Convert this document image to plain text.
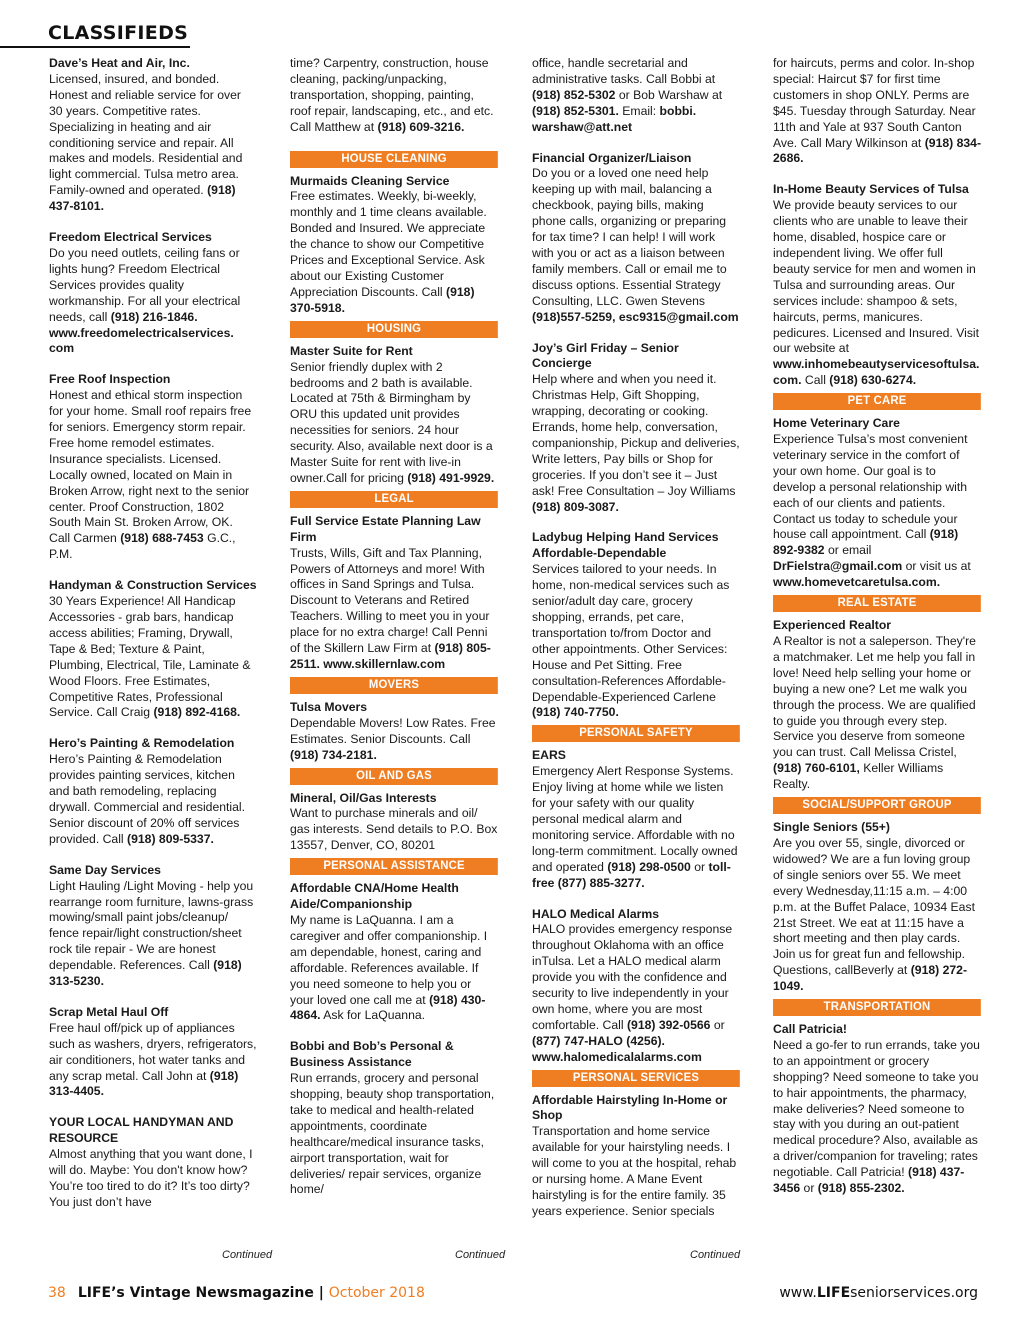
CLASSIFIEDS
Dave’s Heat and Air, Inc.
Licensed, insured, and bonded. Honest and reliable service for over 30 years. Competitive rates. Specializing in heating and air conditioning service and repair. All makes and models. Residential and light commercial. Tulsa metro area. Family-owned and operated. (918) 437-8101.
Freedom Electrical Services
Do you need outlets, ceiling fans or lights hung? Freedom Electrical Services provides quality workmanship. For all your electrical needs, call (918) 216-1846. www.freedomelectricalservices. com
Free Roof Inspection
Honest and ethical storm inspection for your home. Small roof repairs free for seniors. Emergency storm repair. Free home remodel estimates. Insurance specialists. Licensed. Locally owned, located on Main in Broken Arrow, right next to the senior center. Proof Construction, 1802 South Main St. Broken Arrow, OK. Call Carmen (918) 688-7453 G.C., P.M.
Handyman & Construction Services
30 Years Experience! All Handicap Accessories - grab bars, handicap access abilities; Framing, Drywall, Tape & Bed; Texture & Paint, Plumbing, Electrical, Tile, Laminate & Wood Floors. Free Estimates, Competitive Rates, Professional Service. Call Craig (918) 892-4168.
Hero’s Painting & Remodelation
Hero’s Painting & Remodelation provides painting services, kitchen and bath remodeling, replacing drywall. Commercial and residential. Senior discount of 20% off services provided. Call (918) 809-5337.
Same Day Services
Light Hauling /Light Moving - help you rearrange room furniture, lawns-grass mowing/small paint jobs/cleanup/ fence repair/light construction/sheet rock tile repair - We are honest dependable. References. Call (918) 313-5230.
Scrap Metal Haul Off
Free haul off/pick up of appliances such as washers, dryers, refrigerators, air conditioners, hot water tanks and any scrap metal. Call John at (918) 313-4405.
YOUR LOCAL HANDYMAN AND RESOURCE
Almost anything that you want done, I will do. Maybe: You don't know how? You’re too tired to do it? It’s too dirty? You just don’t have
time? Carpentry, construction, house cleaning, packing/unpacking, transportation, shopping, painting, roof repair, landscaping, etc., and etc. Call Matthew at (918) 609-3216.
HOUSE CLEANING
Murmaids Cleaning Service
Free estimates. Weekly, bi-weekly, monthly and 1 time cleans available. Bonded and Insured. We appreciate the chance to show our Competitive Prices and Exceptional Service. Ask about our Existing Customer Appreciation Discounts. Call (918) 370-5918.
HOUSING
Master Suite for Rent
Senior friendly duplex with 2 bedrooms and 2 bath is available. Located at 75th & Birmingham by ORU this updated unit provides necessities for seniors. 24 hour security. Also, available next door is a Master Suite for rent with live-in owner.Call for pricing (918) 491-9929.
LEGAL
Full Service Estate Planning Law Firm
Trusts, Wills, Gift and Tax Planning, Powers of Attorneys and more! With offices in Sand Springs and Tulsa. Discount to Veterans and Retired Teachers. Willing to meet you in your place for no extra charge! Call Penni of the Skillern Law Firm at (918) 805-2511. www.skillernlaw.com
MOVERS
Tulsa Movers
Dependable Movers! Low Rates. Free Estimates. Senior Discounts. Call (918) 734-2181.
OIL AND GAS
Mineral, Oil/Gas Interests
Want to purchase minerals and oil/ gas interests. Send details to P.O. Box 13557, Denver, CO, 80201
PERSONAL ASSISTANCE
Affordable CNA/Home Health Aide/Companionship
My name is LaQuanna. I am a caregiver and offer companionship. I am dependable, honest, caring and affordable. References available. If you need someone to help you or your loved one call me at (918) 430-4864. Ask for LaQuanna.
Bobbi and Bob’s Personal & Business Assistance
Run errands, grocery and personal shopping, beauty shop transportation, take to medical and health-related appointments, coordinate healthcare/medical insurance tasks, airport transportation, wait for deliveries/ repair services, organize home/
office, handle secretarial and administrative tasks. Call Bobbi at (918) 852-5302 or Bob Warshaw at (918) 852-5301. Email: bobbi. warshaw@att.net
Financial Organizer/Liaison
Do you or a loved one need help keeping up with mail, balancing a checkbook, paying bills, making phone calls, organizing or preparing for tax time? I can help! I will work with you or act as a liaison between family members. Call or email me to discuss options. Essential Strategy Consulting, LLC. Gwen Stevens (918)557-5259, esc9315@gmail.com
Joy’s Girl Friday – Senior Concierge
Help where and when you need it. Christmas Help, Gift Shopping, wrapping, decorating or cooking. Errands, home help, conversation, companionship, Pickup and deliveries, Write letters, Pay bills or Shop for groceries. If you don’t see it – Just ask! Free Consultation – Joy Williams (918) 809-3087.
Ladybug Helping Hand Services Affordable-Dependable
Services tailored to your needs. In home, non-medical services such as senior/adult day care, grocery shopping, errands, pet care, transportation to/from Doctor and other appointments. Other Services: House and Pet Sitting. Free consultation-References Affordable-Dependable-Experienced Carlene (918) 740-7750.
PERSONAL SAFETY
EARS
Emergency Alert Response Systems. Enjoy living at home while we listen for your safety with our quality personal medical alarm and monitoring service. Affordable with no long-term commitment. Locally owned and operated (918) 298-0500 or toll-free (877) 885-3277.
HALO Medical Alarms
HALO provides emergency response throughout Oklahoma with an office inTulsa. Let a HALO medical alarm provide you with the confidence and security to live independently in your own home, where you are most comfortable. Call (918) 392-0566 or (877) 747-HALO (4256). www.halomedicalalarms.com
PERSONAL SERVICES
Affordable Hairstyling In-Home or Shop
Transportation and home service available for your hairstyling needs. I will come to you at the hospital, rehab or nursing home. A Mane Event hairstyling is for the entire family. 35 years experience. Senior specials
for haircuts, perms and color. In-shop special: Haircut $7 for first time customers in shop ONLY. Perms are $45. Tuesday through Saturday. Near 11th and Yale at 937 South Canton Ave. Call Mary Wilkinson at (918) 834-2686.
In-Home Beauty Services of Tulsa
We provide beauty services to our clients who are unable to leave their home, disabled, hospice care or independent living. We offer full beauty service for men and women in Tulsa and surrounding areas. Our services include: shampoo & sets, haircuts, perms, manicures. pedicures. Licensed and Insured. Visit our website at www.inhomebeautyservicesoftulsa. com. Call (918) 630-6274.
PET CARE
Home Veterinary Care
Experience Tulsa’s most convenient veterinary service in the comfort of your own home. Our goal is to develop a personal relationship with each of our clients and patients. Contact us today to schedule your house call appointment. Call (918) 892-9382 or email DrFielstra@gmail.com or visit us at www.homevetcaretulsa.com.
REAL ESTATE
Experienced Realtor
A Realtor is not a saleperson. They're a matchmaker. Let me help you fall in love! Need help selling your home or buying a new one? Let me walk you through the process. We are qualified to guide you through every step. Service you deserve from someone you can trust. Call Melissa Cristel, (918) 760-6101, Keller Williams Realty.
SOCIAL/SUPPORT GROUP
Single Seniors (55+)
Are you over 55, single, divorced or widowed? We are a fun loving group of single seniors over 55. We meet every Wednesday,11:15 a.m. – 4:00 p.m. at the Buffet Palace, 10934 East 21st Street. We eat at 11:15 have a short meeting and then play cards. Join us for great fun and fellowship. Questions, callBeverly at (918) 272-1049.
TRANSPORTATION
Call Patricia!
Need a go-fer to run errands, take you to an appointment or grocery shopping? Need someone to take you to hair appointments, the pharmacy, make deliveries? Need someone to stay with you during an out-patient medical procedure? Also, available as a driver/companion for traveling; rates negotiable. Call Patricia! (918) 437-3456 or (918) 855-2302.
Continued	Continued	Continued
38 LIFE’s Vintage Newsmagazine | October 2018	www.LIFEseniorservices.org
